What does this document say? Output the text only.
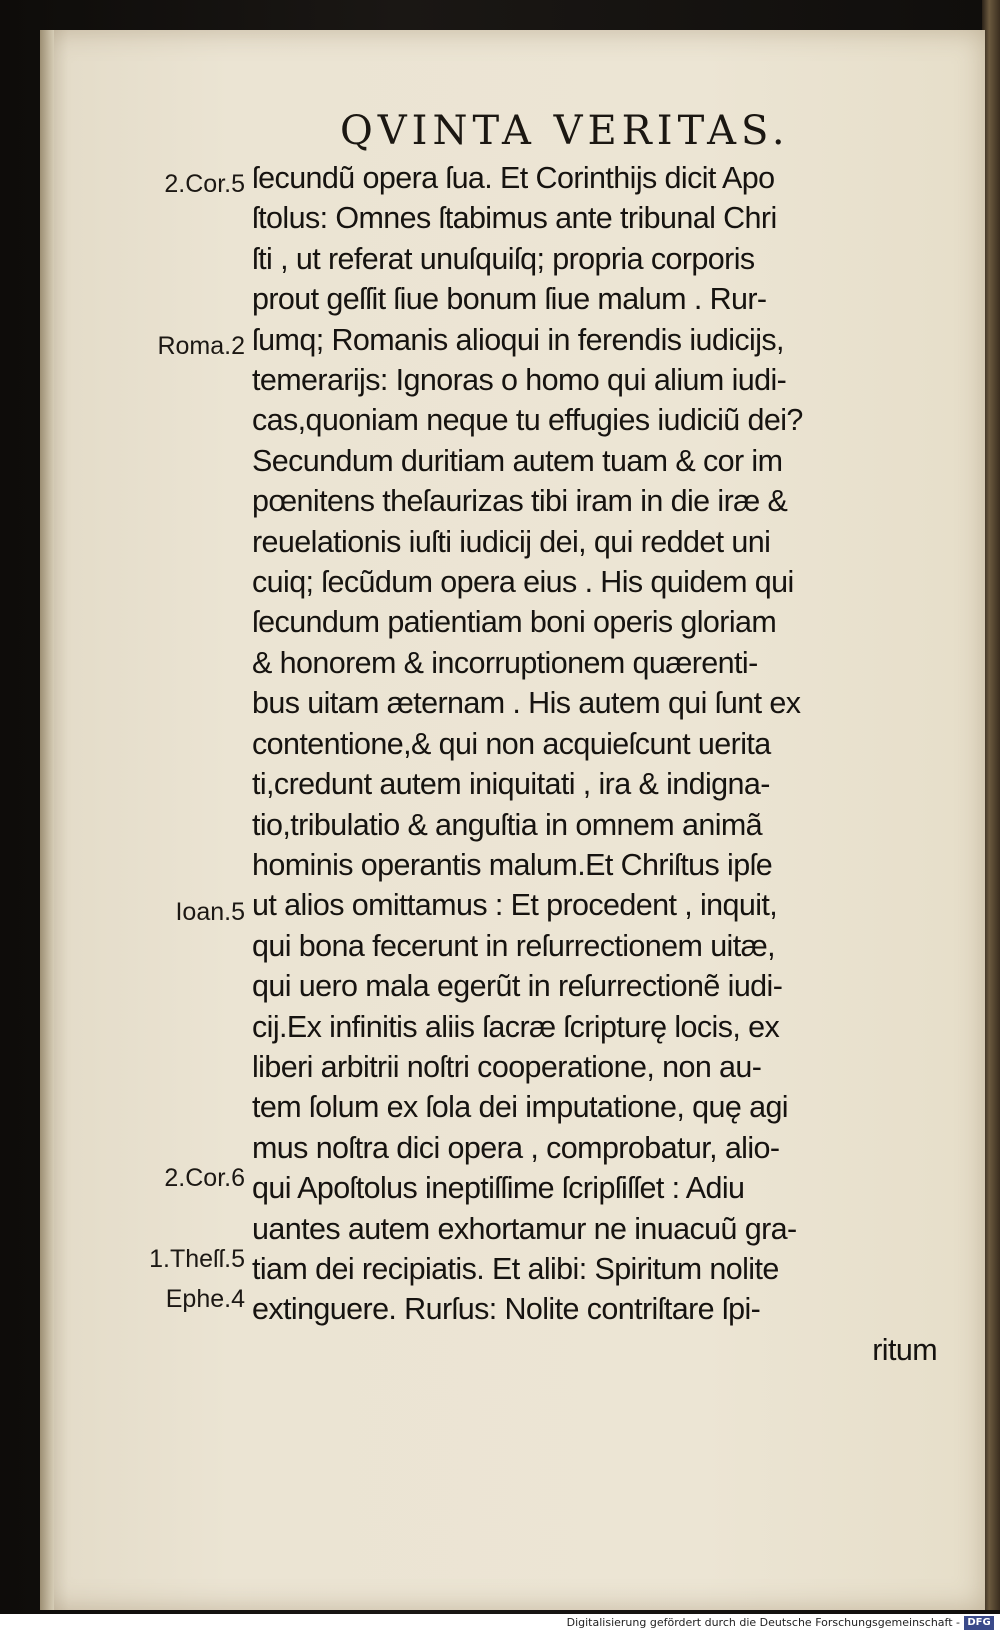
QVINTA VERITAS.
2.Cor.5
Roma.2
Ioan.5
2.Cor.6
1.Theſſ.5
Ephe.4
ſecundũ opera ſua. Et Corinthijs dicit Apo
ſtolus: Omnes ſtabimus ante tribunal Chri
ſti , ut referat unuſquiſq; propria corporis
prout geſſit ſiue bonum ſiue malum . Rur-
ſumq; Romanis alioqui in ferendis iudicijs,
temerarijs: Ignoras o homo qui alium iudi-
cas,quoniam neque tu effugies iudiciũ dei?
Secundum duritiam autem tuam & cor im
pœnitens theſaurizas tibi iram in die iræ &
reuelationis iuſti iudicij dei, qui reddet uni
cuiq; ſecũdum opera eius . His quidem qui
ſecundum patientiam boni operis gloriam
& honorem & incorruptionem quærenti-
bus uitam æternam . His autem qui ſunt ex
contentione,& qui non acquieſcunt uerita
ti,credunt autem iniquitati , ira & indigna-
tio,tribulatio & anguſtia in omnem animã
hominis operantis malum.Et Chriſtus ipſe
ut alios omittamus : Et procedent , inquit,
qui bona fecerunt in reſurrectionem uitæ,
qui uero mala egerũt in reſurrectionẽ iudi-
cij.Ex infinitis aliis ſacræ ſcripturę locis, ex
liberi arbitrii noſtri cooperatione, non au-
tem ſolum ex ſola dei imputatione, quę agi
mus noſtra dici opera , comprobatur, alio-
qui Apoſtolus ineptiſſime ſcripſiſſet : Adiu
uantes autem exhortamur ne inuacuũ gra-
tiam dei recipiatis. Et alibi: Spiritum nolite
extinguere. Rurſus: Nolite contriſtare ſpi-
ritum
Digitalisierung gefördert durch die Deutsche Forschungsgemeinschaft - DFG
